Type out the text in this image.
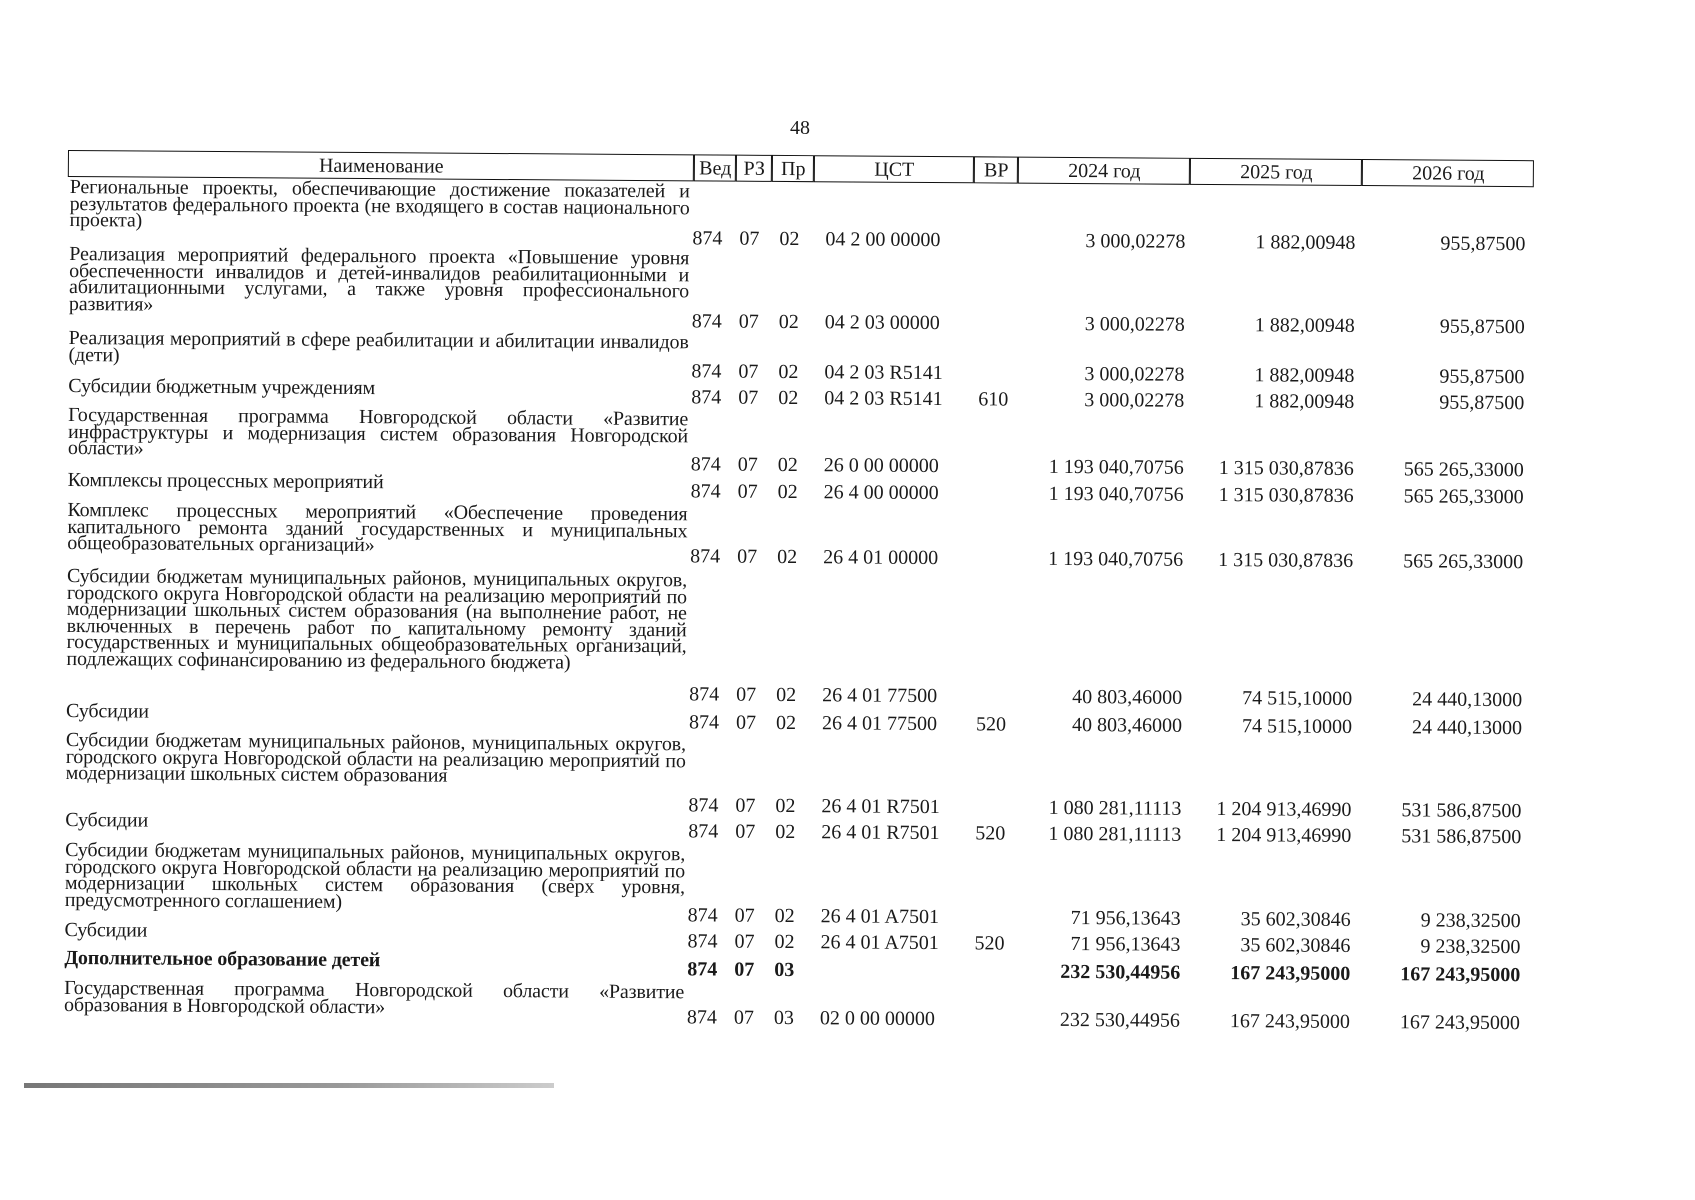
48
Наименование	Вед РЗ Пр	ЦСТ	ВР	2024 год	2025 год	2026 год
Региональные проекты, обеспечивающие достижение показателей и результатов федерального проекта (не входящего в состав национального проекта)
874 07 02	04 2 00 00000	3 000,02278	1 882,00948	955,87500
Реализация мероприятий федерального проекта «Повышение уровня обеспеченности инвалидов и детей-инвалидов реабилитационными и абилитационными услугами, а также уровня профессионального развития»
874 07 02	04 2 03 00000	3 000,02278	1 882,00948	955,87500
Реализация мероприятий в сфере реабилитации и абилитации инвалидов (дети)
874 07 02	04 2 03 R5141	3 000,02278	1 882,00948	955,87500
Субсидии бюджетным учреждениям	874 07 02	04 2 03 R5141	610	3 000,02278	1 882,00948	955,87500
Государственная программа Новгородской области «Развитие инфраструктуры и модернизация систем образования Новгородской области»
874 07 02	26 0 00 00000	1 193 040,70756	1 315 030,87836	565 265,33000
Комплексы процессных мероприятий	874 07 02	26 4 00 00000	1 193 040,70756	1 315 030,87836	565 265,33000
Комплекс процессных мероприятий «Обеспечение проведения капитального ремонта зданий государственных и муниципальных общеобразовательных организаций»
874 07 02	26 4 01 00000	1 193 040,70756	1 315 030,87836	565 265,33000
Субсидии бюджетам муниципальных районов, муниципальных округов, городского округа Новгородской области на реализацию мероприятий по модернизации школьных систем образования (на выполнение работ, не включенных в перечень работ по капитальному ремонту зданий государственных и муниципальных общеобразовательных организаций, подлежащих софинансированию из федерального бюджета)
874 07 02	26 4 01 77500	40 803,46000	74 515,10000	24 440,13000
Субсидии	874 07 02	26 4 01 77500	520	40 803,46000	74 515,10000	24 440,13000
Субсидии бюджетам муниципальных районов, муниципальных округов, городского округа Новгородской области на реализацию мероприятий по модернизации школьных систем образования
874 07 02	26 4 01 R7501	1 080 281,11113	1 204 913,46990	531 586,87500
Субсидии	874 07 02	26 4 01 R7501	520	1 080 281,11113	1 204 913,46990	531 586,87500
Субсидии бюджетам муниципальных районов, муниципальных округов, городского округа Новгородской области на реализацию мероприятий по модернизации школьных систем образования (сверх уровня, предусмотренного соглашением)
874 07 02	26 4 01 A7501	71 956,13643	35 602,30846	9 238,32500
Субсидии	874 07 02	26 4 01 A7501	520	71 956,13643	35 602,30846	9 238,32500
Дополнительное образование детей	874 07 03	232 530,44956	167 243,95000	167 243,95000
Государственная программа Новгородской области «Развитие образования в Новгородской области»	874 07 03	02 0 00 00000	232 530,44956	167 243,95000	167 243,95000
